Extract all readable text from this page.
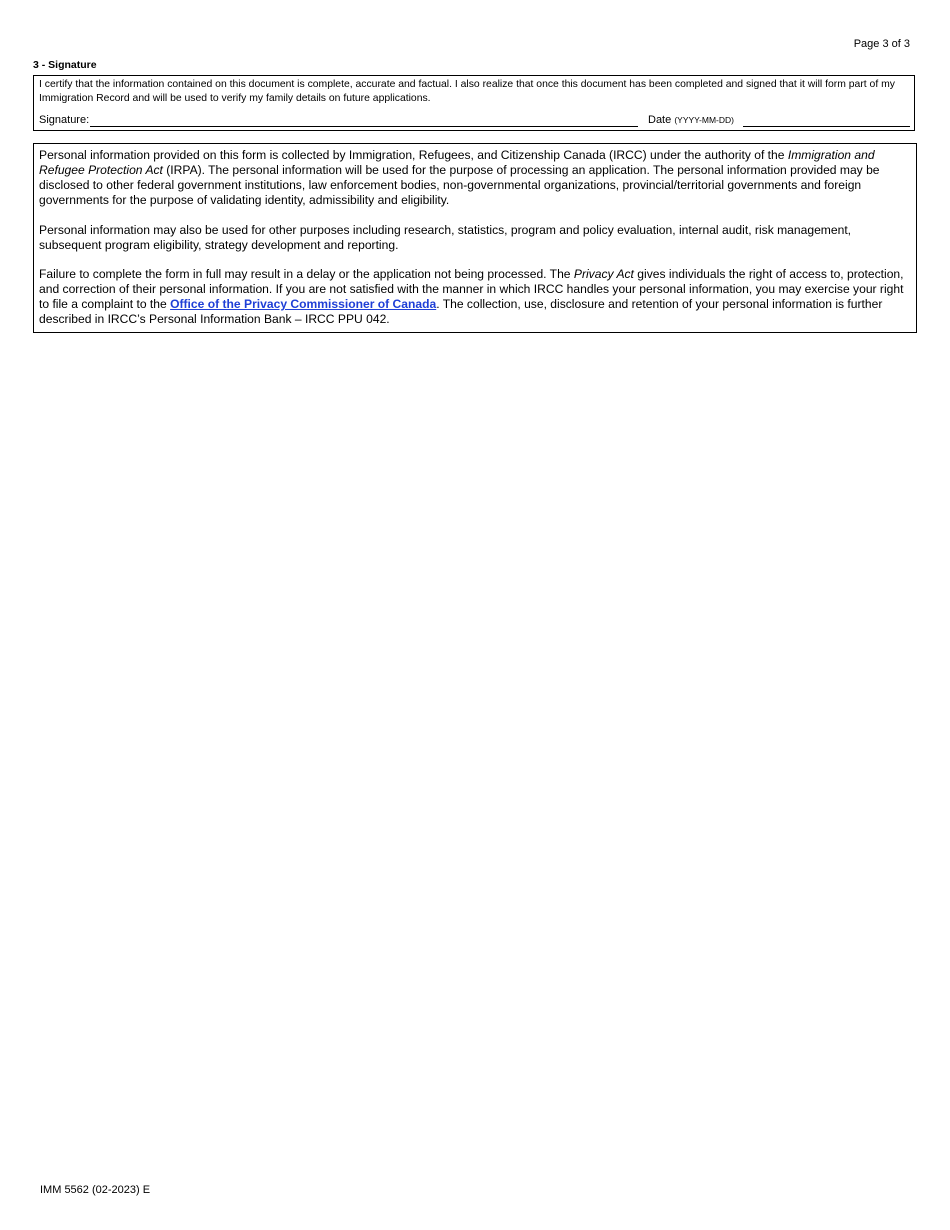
Page 3 of 3
3 - Signature
I certify that the information contained on this document is complete, accurate and factual. I also realize that once this document has been completed and signed that it will form part of my Immigration Record and will be used to verify my family details on future applications.
Signature:	Date (YYYY-MM-DD)

Personal information provided on this form is collected by Immigration, Refugees, and Citizenship Canada (IRCC) under the authority of the Immigration and Refugee Protection Act (IRPA). The personal information will be used for the purpose of processing an application. The personal information provided may be disclosed to other federal government institutions, law enforcement bodies, non-governmental organizations, provincial/territorial governments and foreign governments for the purpose of validating identity, admissibility and eligibility.

Personal information may also be used for other purposes including research, statistics, program and policy evaluation, internal audit, risk management, subsequent program eligibility, strategy development and reporting.

Failure to complete the form in full may result in a delay or the application not being processed. The Privacy Act gives individuals the right of access to, protection, and correction of their personal information. If you are not satisfied with the manner in which IRCC handles your personal information, you may exercise your right to file a complaint to the Office of the Privacy Commissioner of Canada. The collection, use, disclosure and retention of your personal information is further described in IRCC’s Personal Information Bank – IRCC PPU 042.

IMM 5562 (02-2023) E
